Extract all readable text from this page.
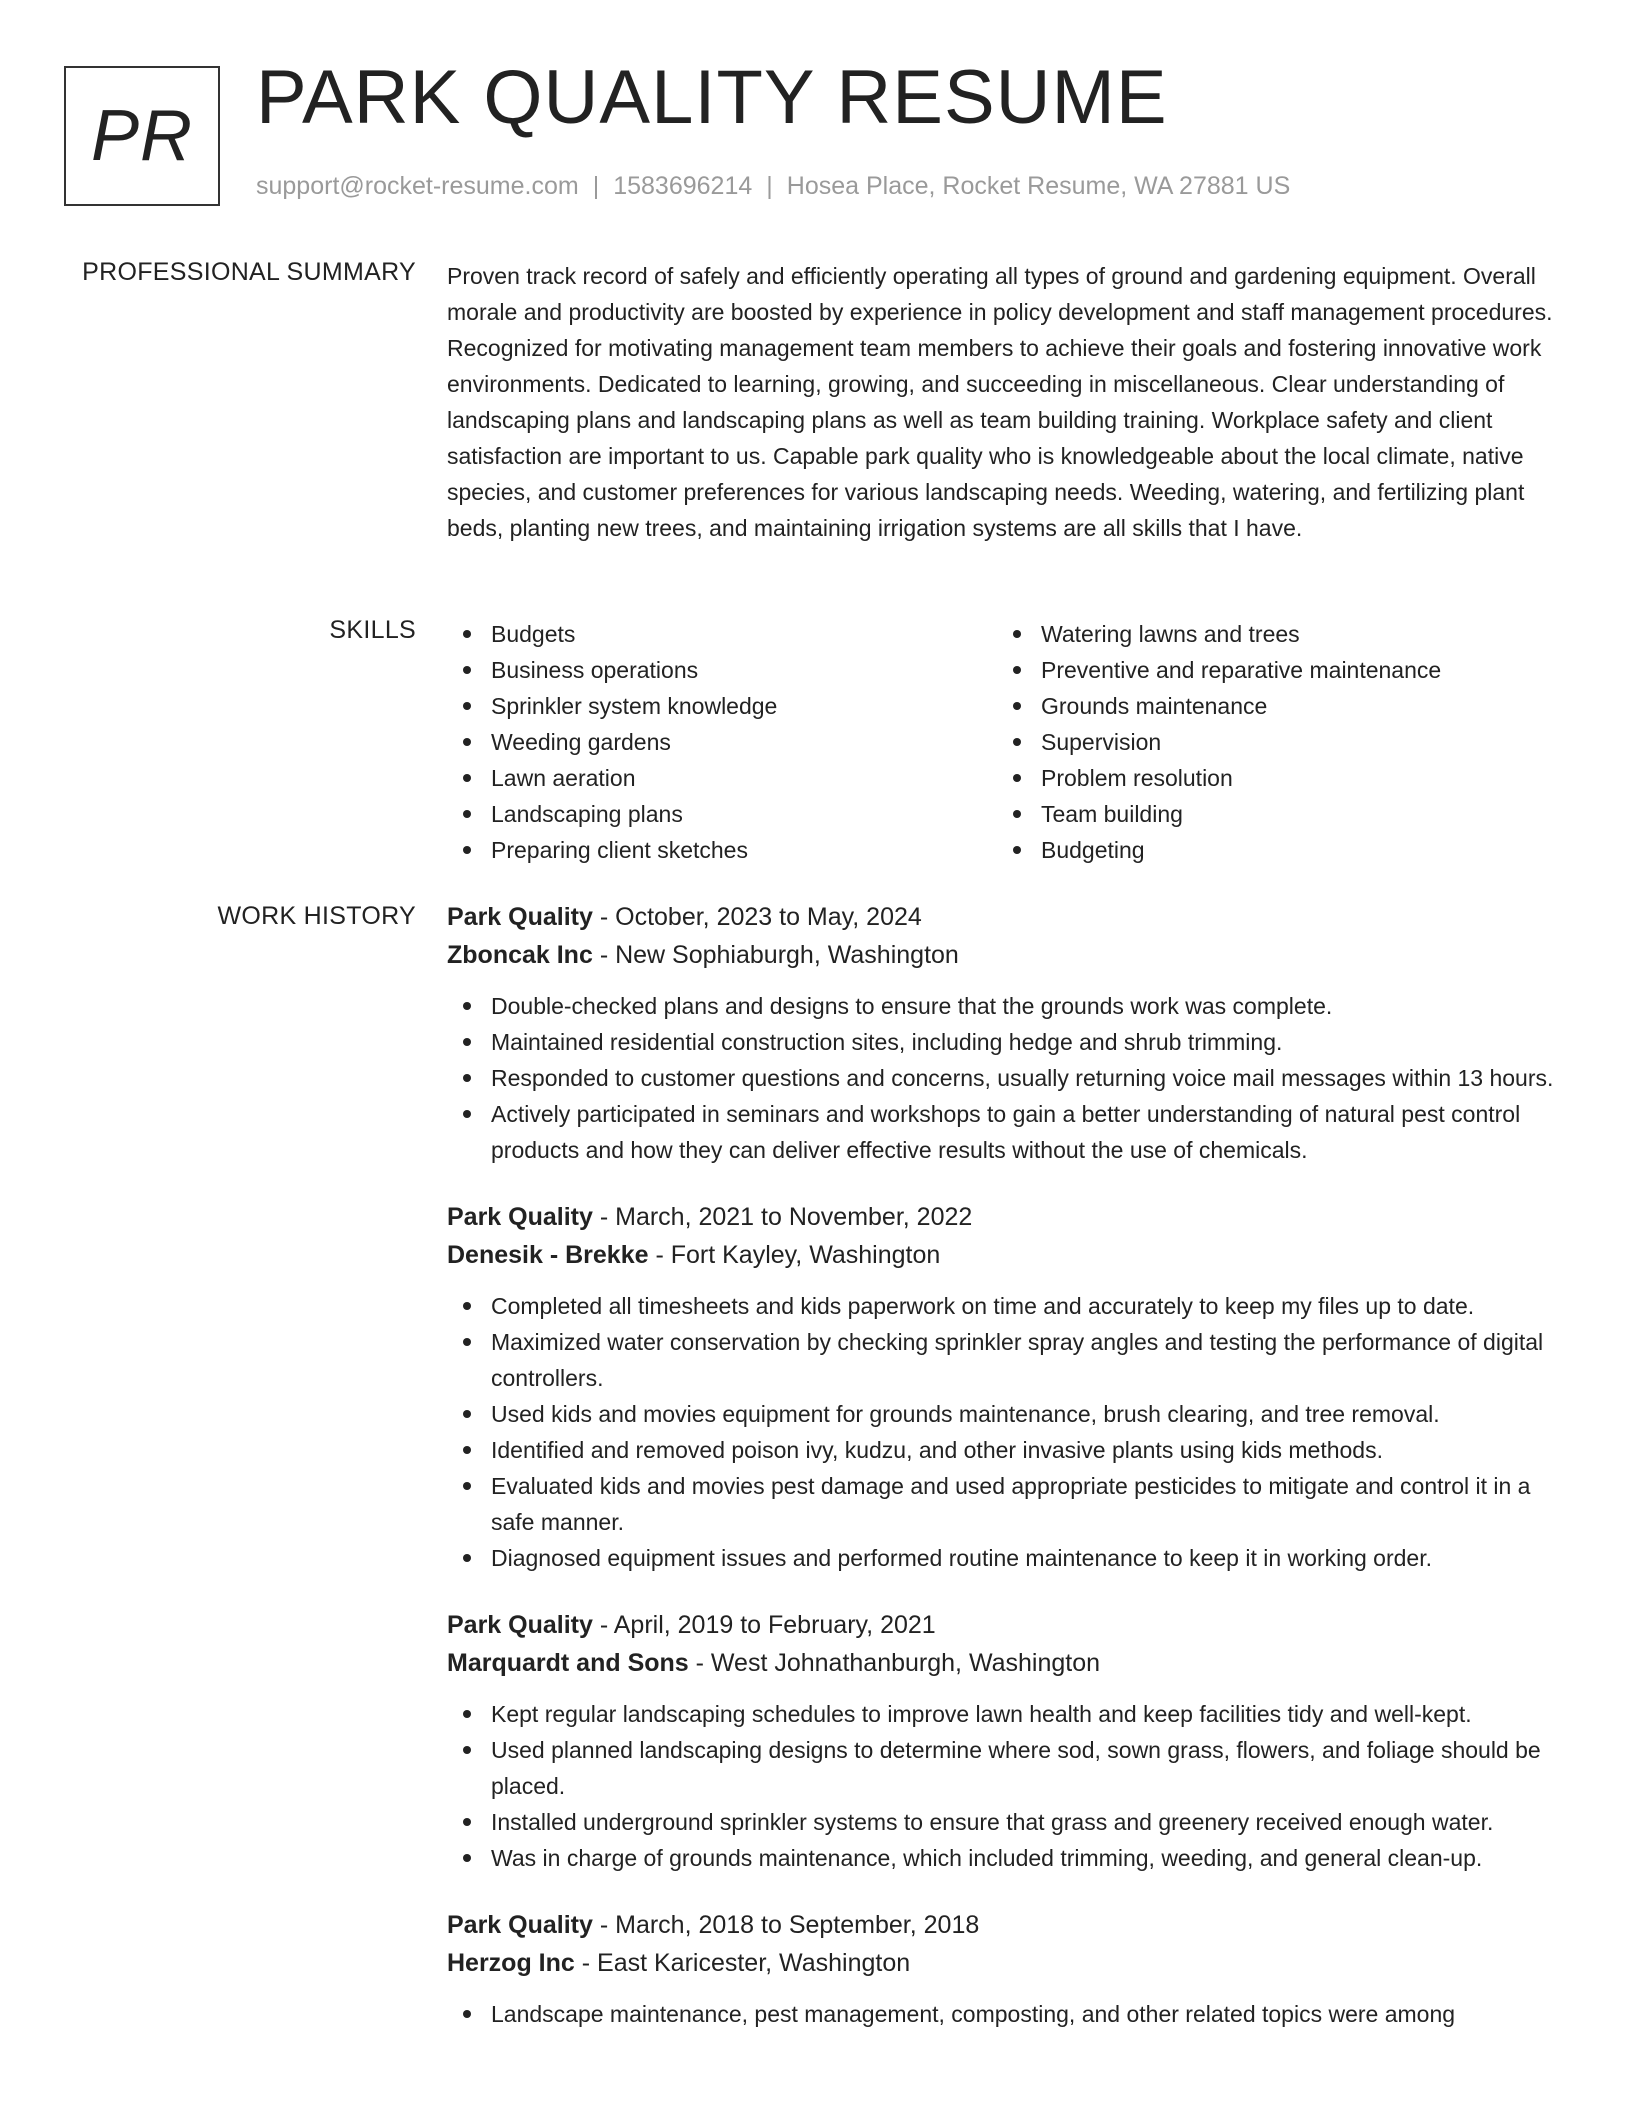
PR PARK QUALITY RESUME
support@rocket-resume.com | 1583696214 | Hosea Place, Rocket Resume, WA 27881 US
PROFESSIONAL SUMMARY Proven track record of safely and efficiently operating all types of ground and gardening equipment. Overall morale and productivity are boosted by experience in policy development and staff management procedures. Recognized for motivating management team members to achieve their goals and fostering innovative work environments. Dedicated to learning, growing, and succeeding in miscellaneous. Clear understanding of landscaping plans and landscaping plans as well as team building training. Workplace safety and client satisfaction are important to us. Capable park quality who is knowledgeable about the local climate, native species, and customer preferences for various landscaping needs. Weeding, watering, and fertilizing plant beds, planting new trees, and maintaining irrigation systems are all skills that I have.

SKILLS	Budgets
Business operations
Sprinkler system knowledge
Weeding gardens
Lawn aeration
Landscaping plans
Preparing client sketches
Watering lawns and trees
Preventive and reparative maintenance
Grounds maintenance
Supervision
Problem resolution
Team building
Budgeting
WORK HISTORY Park Quality - October, 2023 to May, 2024
Zboncak Inc - New Sophiaburgh, Washington
Double-checked plans and designs to ensure that the grounds work was complete.
Maintained residential construction sites, including hedge and shrub trimming.
Responded to customer questions and concerns, usually returning voice mail messages within 13 hours.
Actively participated in seminars and workshops to gain a better understanding of natural pest control products and how they can deliver effective results without the use of chemicals.
Park Quality - March, 2021 to November, 2022
Denesik - Brekke - Fort Kayley, Washington
Completed all timesheets and kids paperwork on time and accurately to keep my files up to date.
Maximized water conservation by checking sprinkler spray angles and testing the performance of digital controllers.
Used kids and movies equipment for grounds maintenance, brush clearing, and tree removal.
Identified and removed poison ivy, kudzu, and other invasive plants using kids methods.
Evaluated kids and movies pest damage and used appropriate pesticides to mitigate and control it in a safe manner.
Diagnosed equipment issues and performed routine maintenance to keep it in working order.
Park Quality - April, 2019 to February, 2021
Marquardt and Sons - West Johnathanburgh, Washington
Kept regular landscaping schedules to improve lawn health and keep facilities tidy and well-kept.
Used planned landscaping designs to determine where sod, sown grass, flowers, and foliage should be placed.
Installed underground sprinkler systems to ensure that grass and greenery received enough water.
Was in charge of grounds maintenance, which included trimming, weeding, and general clean-up.
Park Quality - March, 2018 to September, 2018
Herzog Inc - East Karicester, Washington
Landscape maintenance, pest management, composting, and other related topics were among
